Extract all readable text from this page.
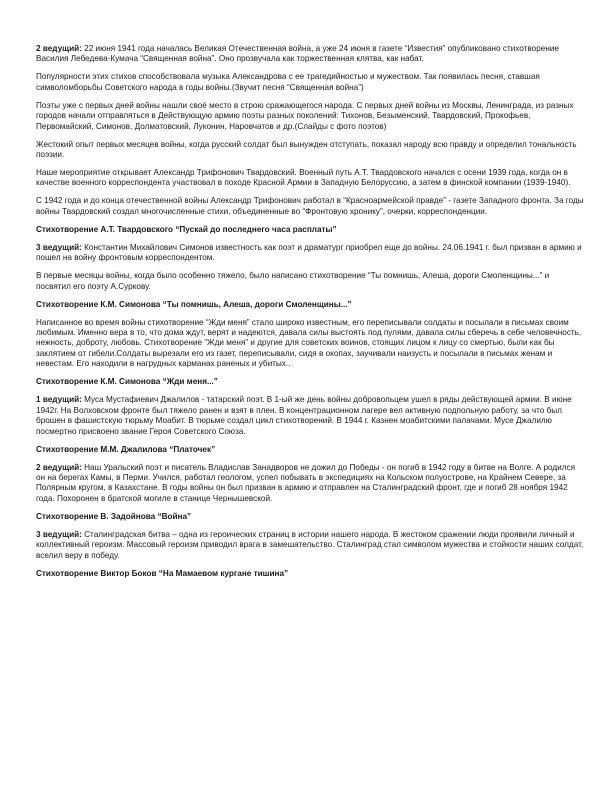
2 ведущий: 22 июня 1941 года началась Великая Отечественная война, а уже 24 июня в газете “Известия” опубликовано стихотворение Василия Лебедева-Кумача “Священная война”. Оно прозвучала как торжественная клятва, как набат.

Популярности этих стихов способствовала музыка Александрова с ее трагедийностью и мужеством. Так появилась песня, ставшая символомборьбы Советского народа в годы войны.(Звучит песня “Священная война”)

Поэты уже с первых дней войны нашли своё место в строю сражающегося народа. С первых дней войны из Москвы, Ленинграда, из разных городов начали отправляться в Действующую армию поэты разных поколений: Тихонов, Безыменский, Твардовский, Прокофьев, Первомайский, Симонов, Долматовский, Луконин, Наровчатов и др.(Слайды с фото поэтов)

Жестокий опыт первых месяцев войны, когда русский солдат был вынужден отступать, показал народу всю правду и определил тональность поэзии.

Наше мероприятие открывает Александр Трифонович Твардовский. Военный путь А.Т. Твардовского начался с осени 1939 года, когда он в качестве военного корреспондента участвовал в походе Красной Армии в Западную Белоруссию, а затем в финской компании (1939-1940).

С 1942 года и до конца отечественной войны Александр Трифонович работал в “Красноармейской правде” - газете Западного фронта. За годы войны Твардовский создал многочисленные стихи, объединенные во “Фронтовую хронику”, очерки, корреспонденции.

Стихотворение А.Т. Твардовского “Пускай до последнего часа расплаты”

3 ведущий: Константин Михайлович Симонов известность как поэт и драматург приобрел еще до войны. 24.06.1941 г. был призван в армию и пошел на войну фронтовым корреспондентом.

В первые месяцы войны, когда было особенно тяжело, было написано стихотворение “Ты помнишь, Алеша, дороги Смоленщины...” и посвятил его поэту А.Суркову.

Стихотворение К.М. Симонова “Ты помнишь, Алеша, дороги Смоленщины...”

Написанное во время войны стихотворение “Жди меня” стало широко известным, его переписывали солдаты и посылали в письмах своим любимым. Именно вера в то, что дома ждут, верят и надеются, давала силы выстоять под пулями, давала силы сберечь в себе человечность, нежность, доброту, любовь. Стихотворение “Жди меня” и другие для советских воинов, стоящих лицом к лицу со смертью, были как бы заклятием от гибели.Солдаты вырезали его из газет, переписывали, сидя в окопах, заучивали наизусть и посылали в письмах женам и невестам. Его находили в нагрудных карманах раненых и убитых..

Стихотворение К.М. Симонова “Жди меня...”

1 ведущий: Муса Мустафиевич Джалилов - татарский поэт. В 1-ый же день войны добровольцем ушел в ряды действующей армии. В июне 1942г. На Волховском фронте был тяжело ранен и взят в плен. В концентрационном лагере вел активную подпольную работу, за что был брошен в фашистскую тюрьму Моабит. В тюрьме создал цикл стихотворений. В 1944 г. Казнен моабитскими палачами. Мусе Джалилю посмертно присвоено звание Героя Советского Союза.

Стихотворение М.М. Джалилова “Платочек”

2 ведущий: Наш Уральский поэт и писатель Владислав Занадворов не дожил до Победы - он погиб в 1942 году в битве на Волге. А родился он на берегах Камы, в Перми. Учился, работал геологом, успел побывать в экспедициях на Кольском полуострове, на Крайнем Севере, за Полярным кругом, в Казахстане. В годы войны он был призван в армию и отправлен на Сталинградский фронт, где и погиб 28 ноября 1942 года. Похоронен в братской могиле в станице Чернышевской.

Стихотворение В. Задойнова “Война”

3 ведущий: Сталинградская битва – одна из героических страниц в истории нашего народа. В жестоком сражении люди проявили личный и коллективный героизм. Массовый героизм приводил врага в замешательство. Сталинград стал символом мужества и стойкости наших солдат, вселил веру в победу.

Стихотворение Виктор Боков “На Мамаевом кургане тишина”
